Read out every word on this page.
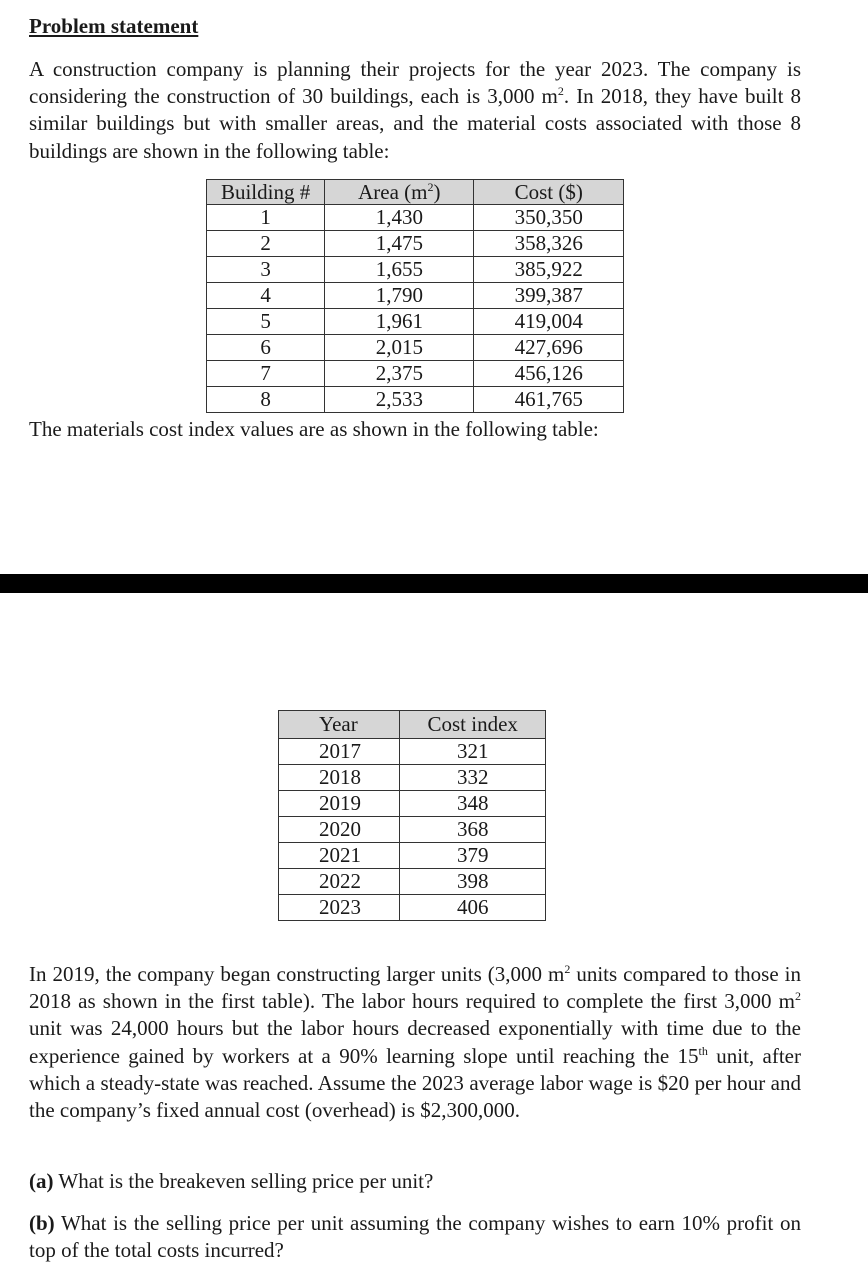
Problem statement

A construction company is planning their projects for the year 2023. The company is considering the construction of 30 buildings, each is 3,000 $m^2$. In 2018, they have built 8 similar buildings but with smaller areas, and the material costs associated with those 8 buildings are shown in the following table:

Building #	Area $(m^2)$	Cost ($)
1	1,430	350,350
2	1,475	358,326
3	1,655	385,922
4	1,790	399,387
5	1,961	419,004
6	2,015	427,696
7	2,375	456,126
8	2,533	461,765

The materials cost index values are as shown in the following table:

Year	Cost index
2017	321
2018	332
2019	348
2020	368
2021	379
2022	398
2023	406

In 2019, the company began constructing larger units (3,000 $m^2$ units compared to those in 2018 as shown in the first table). The labor hours required to complete the first 3,000 $m^2$ unit was 24,000 hours but the labor hours decreased exponentially with time due to the experience gained by workers at a 90% learning slope until reaching the 15th unit, after which a steady-state was reached. Assume the 2023 average labor wage is $20 per hour and the company’s fixed annual cost (overhead) is $2,300,000.

(a) What is the breakeven selling price per unit?

(b) What is the selling price per unit assuming the company wishes to earn 10% profit on top of the total costs incurred?
